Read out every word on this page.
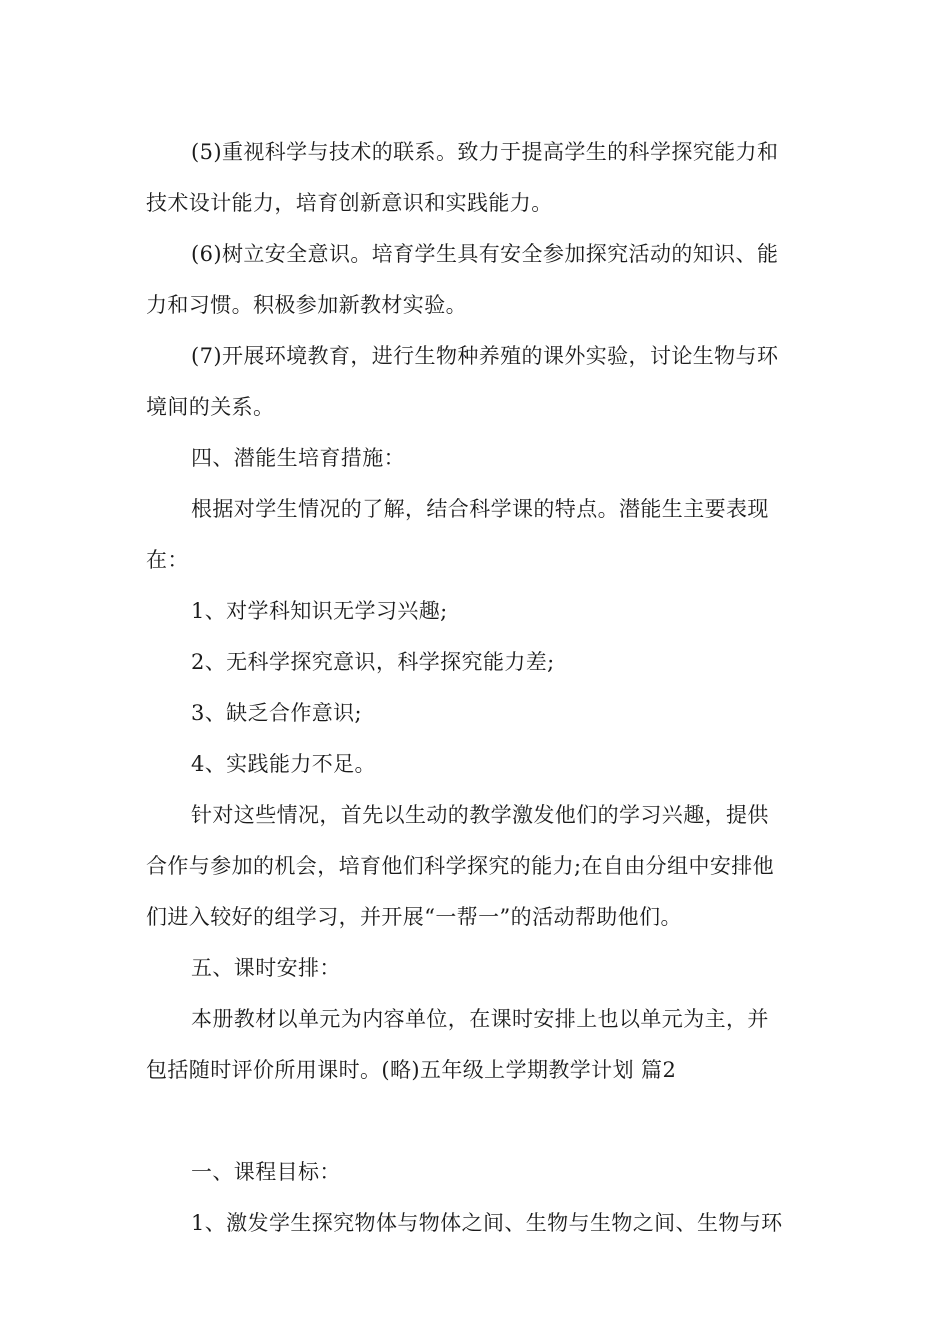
(5)重视科学与技术的联系。致力于提高学生的科学探究能力和
技术设计能力，培育创新意识和实践能力。
(6)树立安全意识。培育学生具有安全参加探究活动的知识、能
力和习惯。积极参加新教材实验。
(7)开展环境教育，进行生物种养殖的课外实验，讨论生物与环
境间的关系。
四、潜能生培育措施：
根据对学生情况的了解，结合科学课的特点。潜能生主要表现
在：
1、对学科知识无学习兴趣;
2、无科学探究意识，科学探究能力差;
3、缺乏合作意识;
4、实践能力不足。
针对这些情况，首先以生动的教学激发他们的学习兴趣，提供
合作与参加的机会，培育他们科学探究的能力;在自由分组中安排他
们进入较好的组学习，并开展“一帮一”的活动帮助他们。
五、课时安排：
本册教材以单元为内容单位，在课时安排上也以单元为主，并
包括随时评价所用课时。(略)五年级上学期教学计划 篇2
一、课程目标：
1、激发学生探究物体与物体之间、生物与生物之间、生物与环
